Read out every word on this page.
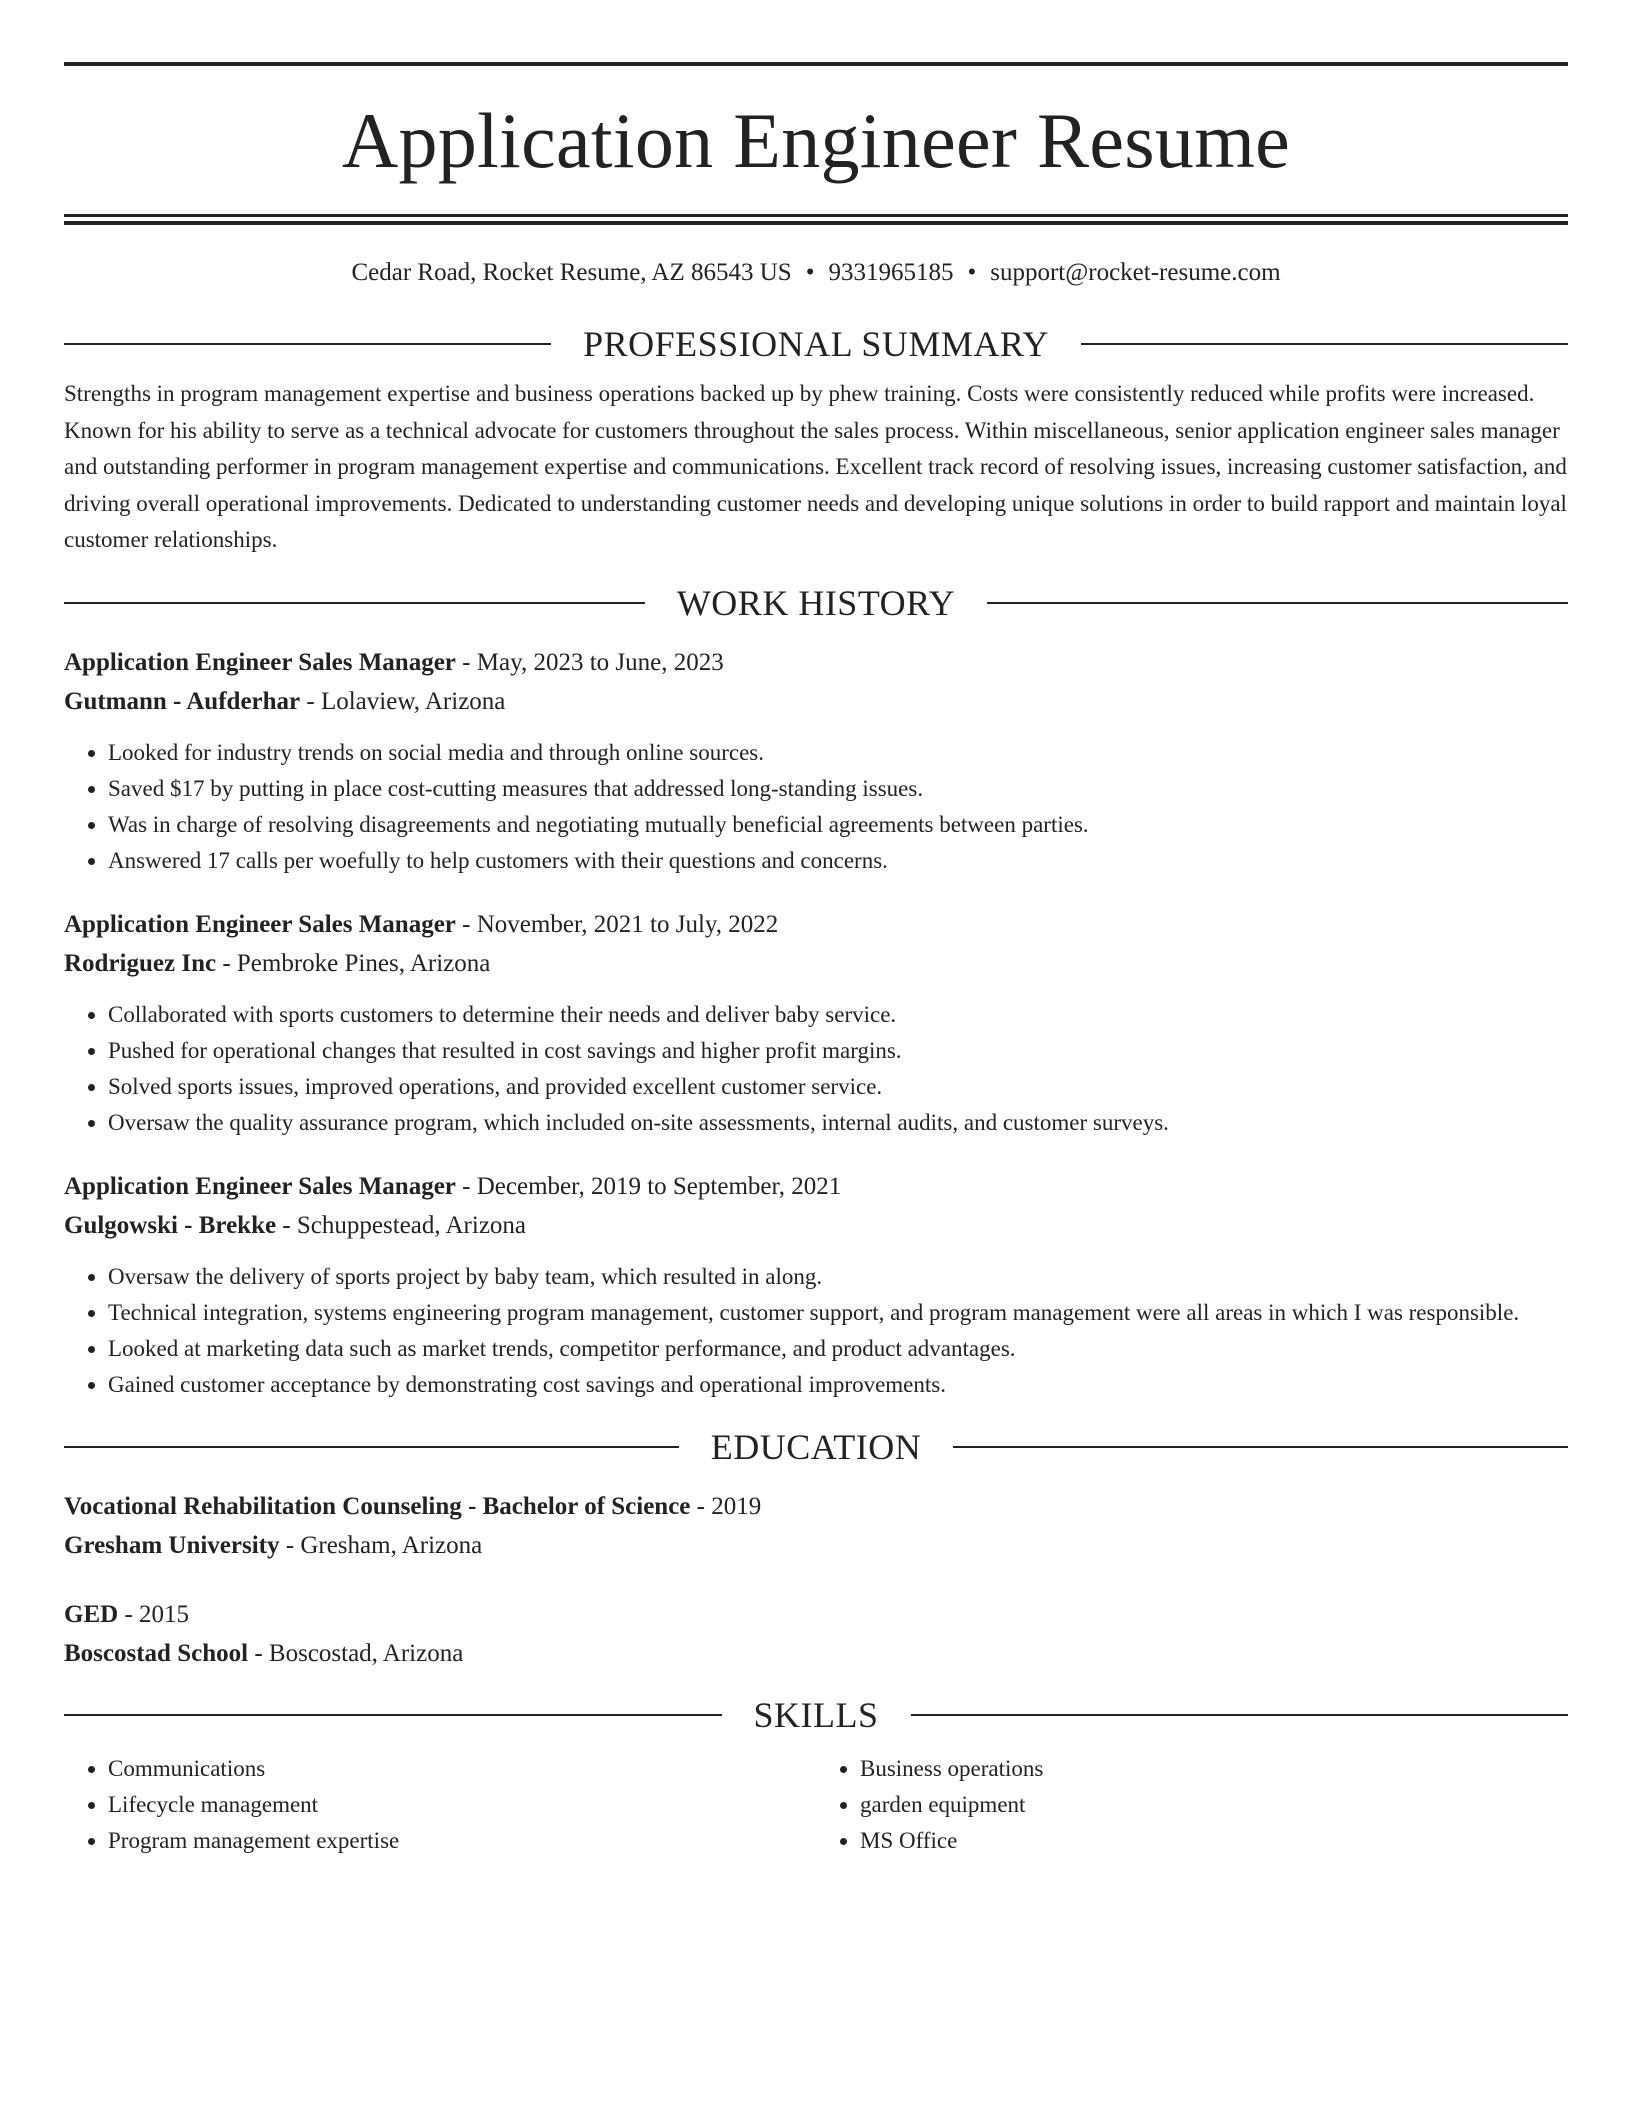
Application Engineer Resume
Cedar Road, Rocket Resume, AZ 86543 US • 9331965185 • support@rocket-resume.com
PROFESSIONAL SUMMARY
Strengths in program management expertise and business operations backed up by phew training. Costs were consistently reduced while profits were increased. Known for his ability to serve as a technical advocate for customers throughout the sales process. Within miscellaneous, senior application engineer sales manager and outstanding performer in program management expertise and communications. Excellent track record of resolving issues, increasing customer satisfaction, and driving overall operational improvements. Dedicated to understanding customer needs and developing unique solutions in order to build rapport and maintain loyal customer relationships.
WORK HISTORY
Application Engineer Sales Manager - May, 2023 to June, 2023
Gutmann - Aufderhar - Lolaview, Arizona
• Looked for industry trends on social media and through online sources.
• Saved $17 by putting in place cost-cutting measures that addressed long-standing issues.
• Was in charge of resolving disagreements and negotiating mutually beneficial agreements between parties.
• Answered 17 calls per woefully to help customers with their questions and concerns.
Application Engineer Sales Manager - November, 2021 to July, 2022
Rodriguez Inc - Pembroke Pines, Arizona
• Collaborated with sports customers to determine their needs and deliver baby service.
• Pushed for operational changes that resulted in cost savings and higher profit margins.
• Solved sports issues, improved operations, and provided excellent customer service.
• Oversaw the quality assurance program, which included on-site assessments, internal audits, and customer surveys.
Application Engineer Sales Manager - December, 2019 to September, 2021
Gulgowski - Brekke - Schuppestead, Arizona
• Oversaw the delivery of sports project by baby team, which resulted in along.
• Technical integration, systems engineering program management, customer support, and program management were all areas in which I was responsible.
• Looked at marketing data such as market trends, competitor performance, and product advantages.
• Gained customer acceptance by demonstrating cost savings and operational improvements.
EDUCATION
Vocational Rehabilitation Counseling - Bachelor of Science - 2019
Gresham University - Gresham, Arizona
GED - 2015
Boscostad School - Boscostad, Arizona
SKILLS
• Communications
• Lifecycle management
• Program management expertise
• Business operations
• garden equipment
• MS Office
